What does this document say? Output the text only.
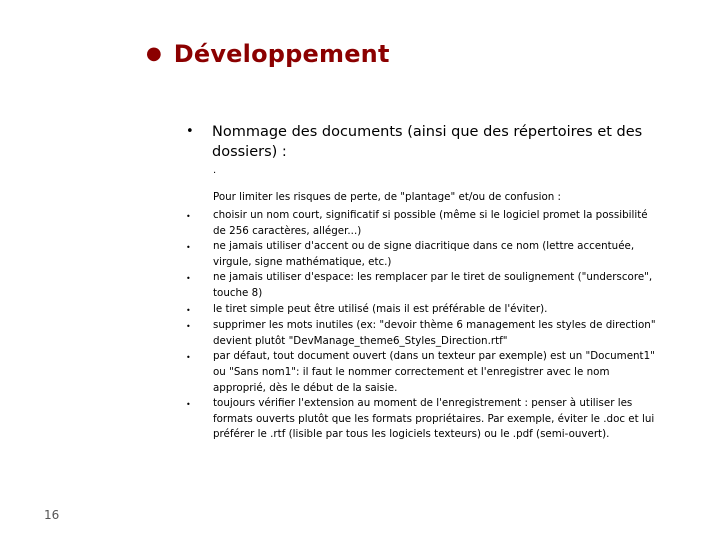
● Développement
•	Nommage des documents (ainsi que des répertoires et des dossiers) :
.
Pour limiter les risques de perte, de "plantage" et/ou de confusion :
•	choisir un nom court, significatif si possible (même si le logiciel promet la possibilité de 256 caractères, alléger...)
•	ne jamais utiliser d'accent ou de signe diacritique dans ce nom (lettre accentuée, virgule, signe mathématique, etc.)
•	ne jamais utiliser d'espace: les remplacer par le tiret de soulignement ("underscore", touche 8)
•	le tiret simple peut être utilisé (mais il est préférable de l'éviter).
•	supprimer les mots inutiles (ex: "devoir thème 6 management les styles de direction" devient plutôt "DevManage_theme6_Styles_Direction.rtf"
•	par défaut, tout document ouvert (dans un texteur par exemple) est un "Document1" ou "Sans nom1": il faut le nommer correctement et l'enregistrer avec le nom approprié, dès le début de la saisie.
•	toujours vérifier l'extension au moment de l'enregistrement : penser à utiliser les formats ouverts plutôt que les formats propriétaires. Par exemple, éviter le .doc et lui préférer le .rtf (lisible par tous les logiciels texteurs) ou le .pdf (semi-ouvert).
16
